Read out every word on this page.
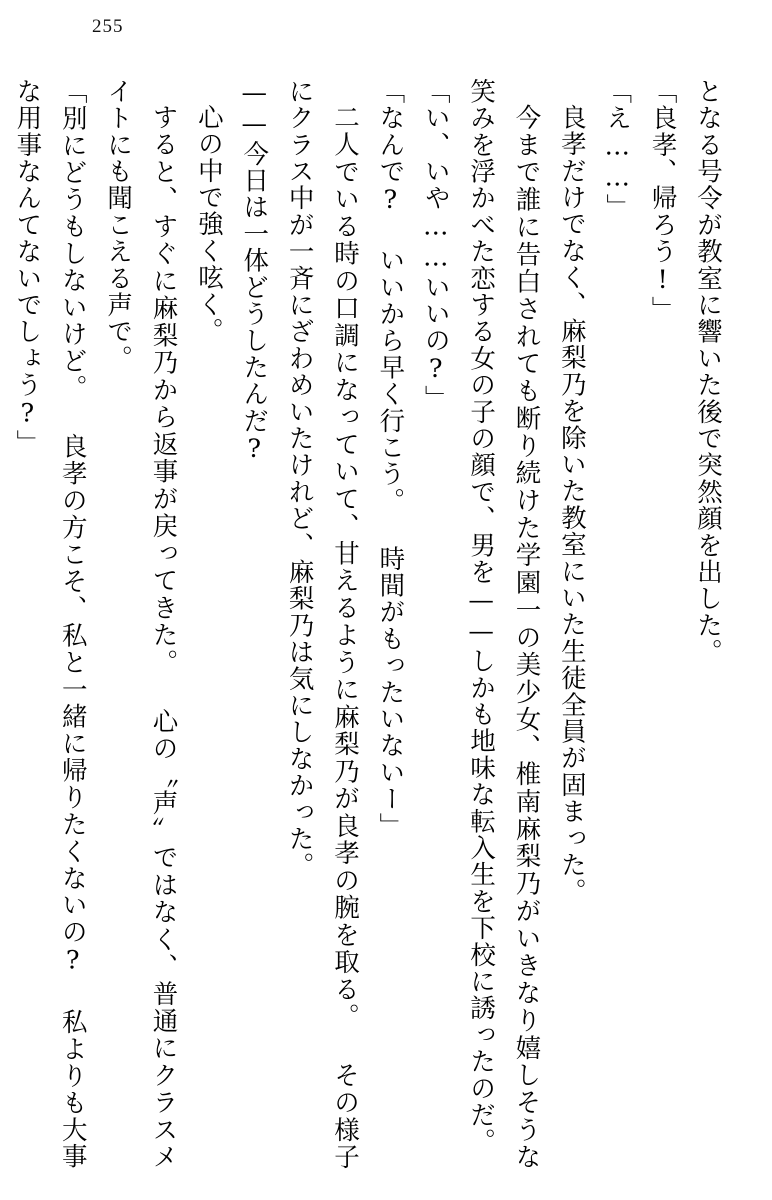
255

となる号令が教室に響いた後で突然顔を出した。

「良孝、帰ろう!」

「え……」

良孝だけでなく、麻梨乃を除いた教室にいた生徒全員が固まった。

今まで誰に告白されても断り続けた学園一の美少女、椎南麻梨乃がいきなり嬉しそうな笑みを浮かべた恋する女の子の顔で、男を——しかも地味な転入生を下校に誘ったのだ。

「い、いや……いいの?」

「なんで? いいから早く行こう。 時間がもったいないー」

二人でいる時の口調になっていて、甘えるように麻梨乃が良孝の腕を取る。 その様子にクラス中が一斉にざわめいたけれど、麻梨乃は気にしなかった。

——今日は一体どうしたんだ?

心の中で強く呟く。

すると、すぐに麻梨乃から返事が戻ってきた。 心の〝声〟ではなく、普通にクラスメイトにも聞こえる声で。

「別にどうもしないけど。 良孝の方こそ、私と一緒に帰りたくないの? 私よりも大事な用事なんてないでしょう?」
